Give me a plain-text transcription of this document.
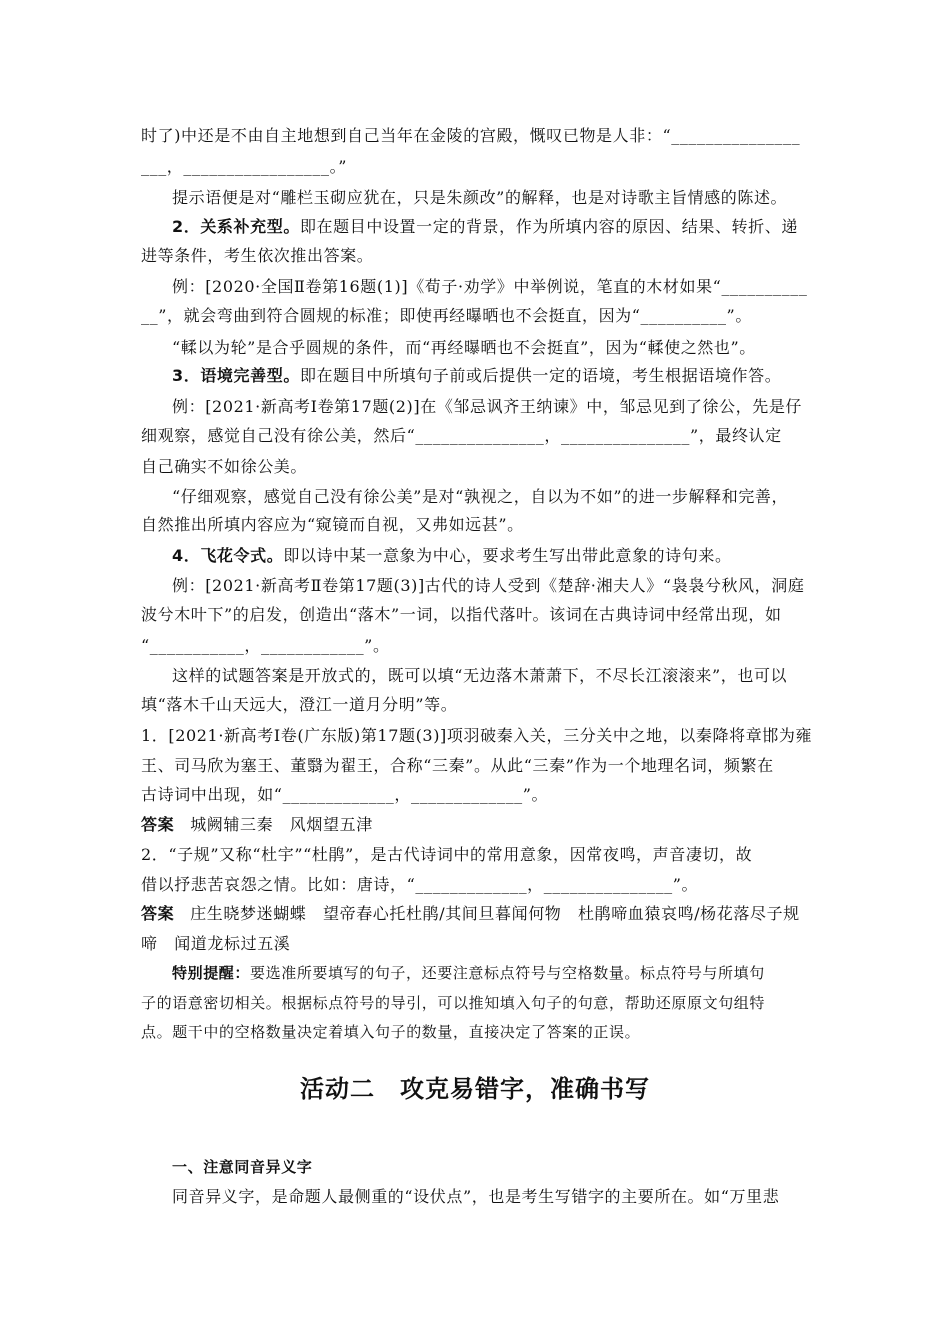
时了)中还是不由自主地想到自己当年在金陵的宫殿，慨叹已物是人非：“_______________
___，_________________。”
提示语便是对“雕栏玉砌应犹在，只是朱颜改”的解释，也是对诗歌主旨情感的陈述。
2．关系补充型。即在题目中设置一定的背景，作为所填内容的原因、结果、转折、递
进等条件，考生依次推出答案。
例：[2020·全国Ⅱ卷第16题(1)]《荀子·劝学》中举例说，笔直的木材如果“__________
__”，就会弯曲到符合圆规的标准；即使再经曝晒也不会挺直，因为“__________”。
“輮以为轮”是合乎圆规的条件，而“再经曝晒也不会挺直”，因为“輮使之然也”。
3．语境完善型。即在题目中所填句子前或后提供一定的语境，考生根据语境作答。
例：[2021·新高考Ⅰ卷第17题(2)]在《邹忌讽齐王纳谏》中，邹忌见到了徐公，先是仔
细观察，感觉自己没有徐公美，然后“_______________，_______________”，最终认定
自己确实不如徐公美。
“仔细观察，感觉自己没有徐公美”是对“孰视之，自以为不如”的进一步解释和完善，
自然推出所填内容应为“窥镜而自视，又弗如远甚”。
4．飞花令式。即以诗中某一意象为中心，要求考生写出带此意象的诗句来。
例：[2021·新高考Ⅱ卷第17题(3)]古代的诗人受到《楚辞·湘夫人》“袅袅兮秋风，洞庭
波兮木叶下”的启发，创造出“落木”一词，以指代落叶。该词在古典诗词中经常出现，如
“___________，____________”。
这样的试题答案是开放式的，既可以填“无边落木萧萧下，不尽长江滚滚来”，也可以
填“落木千山天远大，澄江一道月分明”等。
1．[2021·新高考Ⅰ卷(广东版)第17题(3)]项羽破秦入关，三分关中之地，以秦降将章邯为雍
王、司马欣为塞王、董翳为翟王，合称“三秦”。从此“三秦”作为一个地理名词，频繁在
古诗词中出现，如“_____________，_____________”。
答案 城阙辅三秦　风烟望五津
2．“子规”又称“杜宇”“杜鹃”，是古代诗词中的常用意象，因常夜鸣，声音凄切，故
借以抒悲苦哀怨之情。比如：唐诗，“_____________，_______________”。
答案 庄生晓梦迷蝴蝶　望帝春心托杜鹃/其间旦暮闻何物　杜鹃啼血猿哀鸣/杨花落尽子规
啼　闻道龙标过五溪
特别提醒：要选准所要填写的句子，还要注意标点符号与空格数量。标点符号与所填句
子的语意密切相关。根据标点符号的导引，可以推知填入句子的句意，帮助还原原文句组特
点。题干中的空格数量决定着填入句子的数量，直接决定了答案的正误。
活动二　攻克易错字，准确书写
一、注意同音异义字
同音异义字，是命题人最侧重的“设伏点”，也是考生写错字的主要所在。如“万里悲
